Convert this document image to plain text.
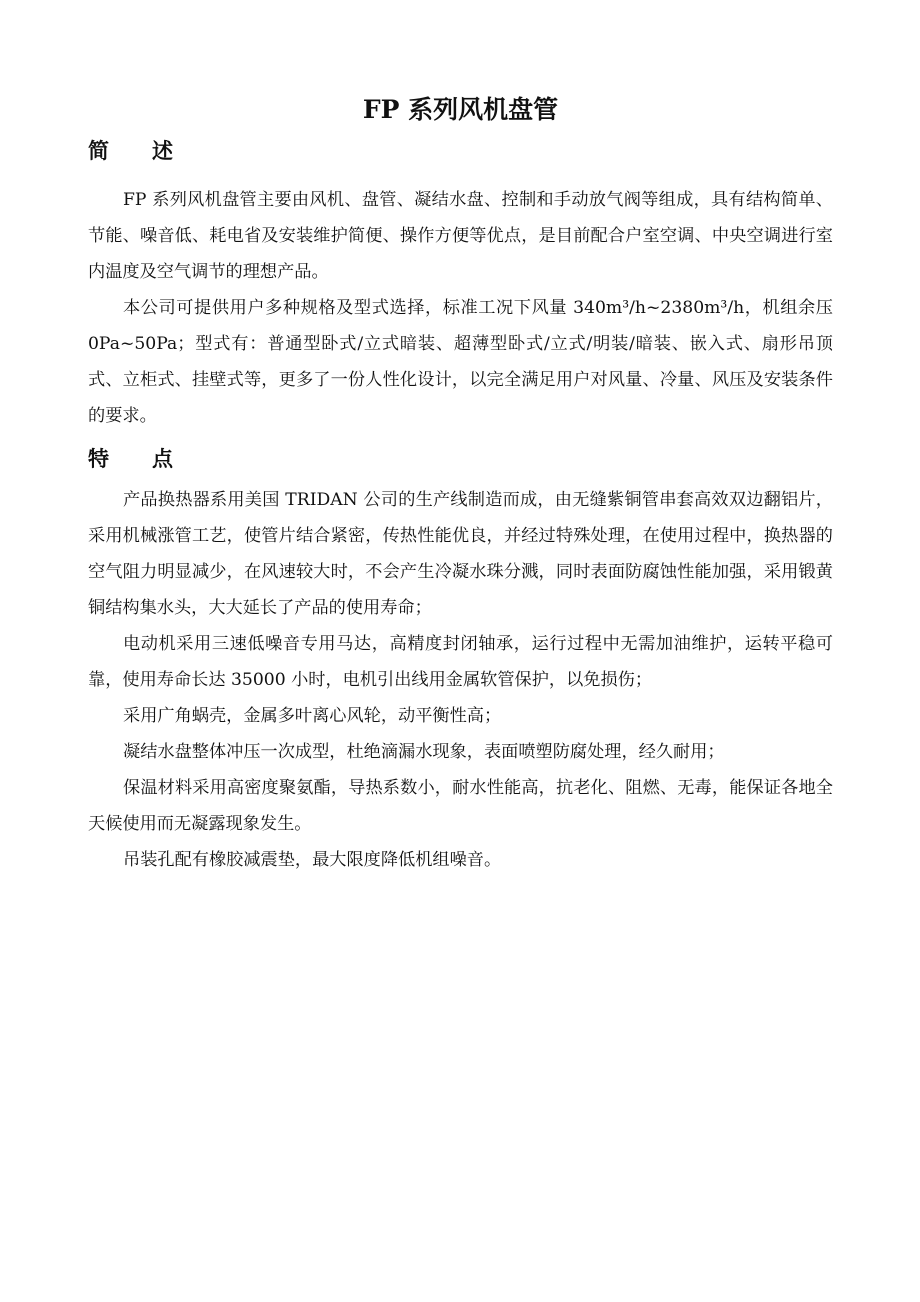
FP 系列风机盘管
简 述

FP 系列风机盘管主要由风机、盘管、凝结水盘、控制和手动放气阀等组成，具有结构简单、节能、噪音低、耗电省及安装维护简便、操作方便等优点，是目前配合户室空调、中央空调进行室内温度及空气调节的理想产品。

本公司可提供用户多种规格及型式选择，标准工况下风量 340m³/h~2380m³/h，机组余压 0Pa~50Pa；型式有：普通型卧式/立式暗装、超薄型卧式/立式/明装/暗装、嵌入式、扇形吊顶式、立柜式、挂壁式等，更多了一份人性化设计，以完全满足用户对风量、冷量、风压及安装条件的要求。

特 点

产品换热器系用美国 TRIDAN 公司的生产线制造而成，由无缝紫铜管串套高效双边翻铝片，采用机械涨管工艺，使管片结合紧密，传热性能优良，并经过特殊处理，在使用过程中，换热器的空气阻力明显减少，在风速较大时，不会产生冷凝水珠分溅，同时表面防腐蚀性能加强，采用锻黄铜结构集水头，大大延长了产品的使用寿命；

电动机采用三速低噪音专用马达，高精度封闭轴承，运行过程中无需加油维护，运转平稳可靠，使用寿命长达 35000 小时，电机引出线用金属软管保护，以免损伤；

采用广角蜗壳，金属多叶离心风轮，动平衡性高；

凝结水盘整体冲压一次成型，杜绝滴漏水现象，表面喷塑防腐处理，经久耐用；

保温材料采用高密度聚氨酯，导热系数小，耐水性能高，抗老化、阻燃、无毒，能保证各地全天候使用而无凝露现象发生。

吊装孔配有橡胶减震垫，最大限度降低机组噪音。
